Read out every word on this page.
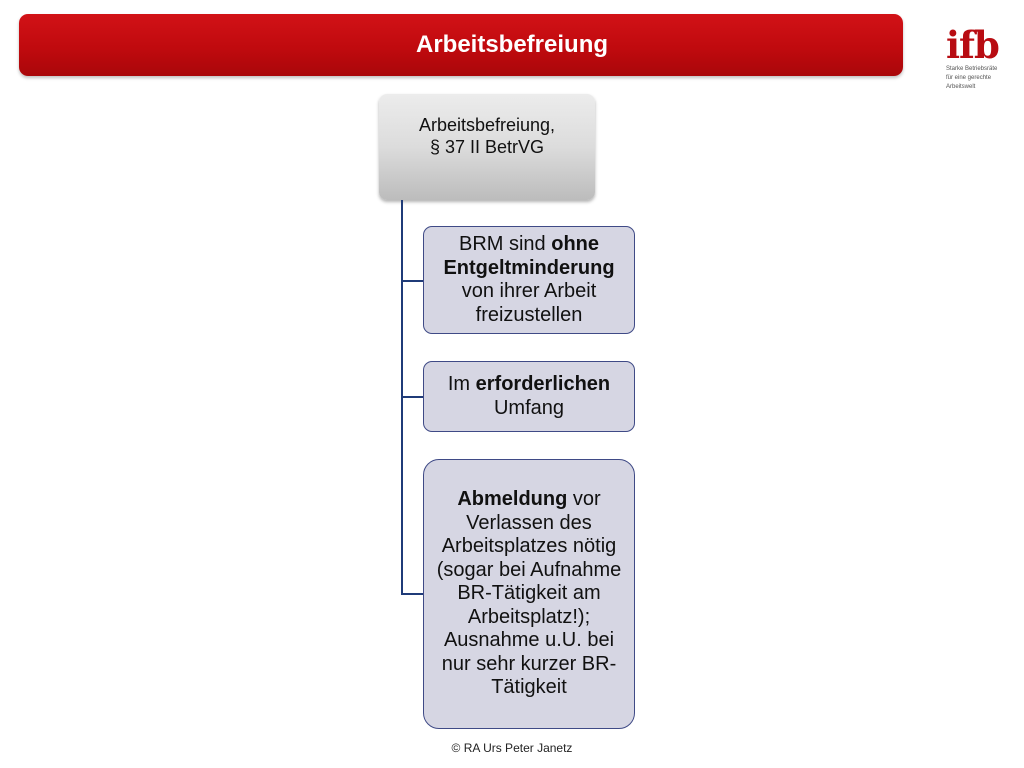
Arbeitsbefreiung	ifb
Starke Betriebsräte
für eine gerechte
Arbeitswelt
Arbeitsbefreiung,
§ 37 II BetrVG
BRM sind ohne Entgeltminderung von ihrer Arbeit freizustellen
Im erforderlichen Umfang
Abmeldung vor Verlassen des Arbeitsplatzes nötig (sogar bei Aufnahme BR-Tätigkeit am Arbeitsplatz!); Ausnahme u.U. bei nur sehr kurzer BR-Tätigkeit
© RA Urs Peter Janetz
